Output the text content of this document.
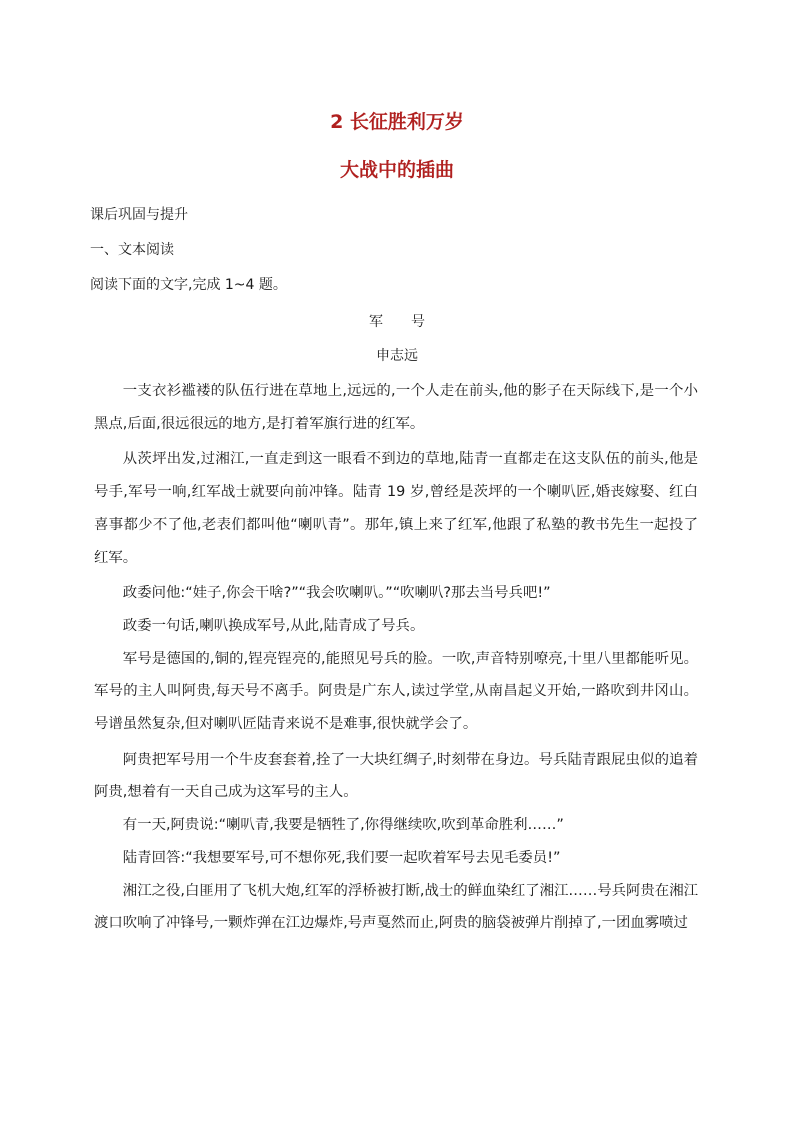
2 长征胜利万岁
大战中的插曲
课后巩固与提升
一、文本阅读
阅读下面的文字,完成 1~4 题。
军　　号
申志远

一支衣衫褴褛的队伍行进在草地上,远远的,一个人走在前头,他的影子在天际线下,是一个小黑点,后面,很远很远的地方,是打着军旗行进的红军。

从茨坪出发,过湘江,一直走到这一眼看不到边的草地,陆青一直都走在这支队伍的前头,他是号手,军号一响,红军战士就要向前冲锋。陆青 19 岁,曾经是茨坪的一个喇叭匠,婚丧嫁娶、红白喜事都少不了他,老表们都叫他“喇叭青”。那年,镇上来了红军,他跟了私塾的教书先生一起投了红军。

政委问他:“娃子,你会干啥?”“我会吹喇叭。”“吹喇叭?那去当号兵吧!”

政委一句话,喇叭换成军号,从此,陆青成了号兵。

军号是德国的,铜的,锃亮锃亮的,能照见号兵的脸。一吹,声音特别嘹亮,十里八里都能听见。军号的主人叫阿贵,每天号不离手。阿贵是广东人,读过学堂,从南昌起义开始,一路吹到井冈山。号谱虽然复杂,但对喇叭匠陆青来说不是难事,很快就学会了。

阿贵把军号用一个牛皮套套着,拴了一大块红绸子,时刻带在身边。号兵陆青跟屁虫似的追着阿贵,想着有一天自己成为这军号的主人。

有一天,阿贵说:“喇叭青,我要是牺牲了,你得继续吹,吹到革命胜利……”

陆青回答:“我想要军号,可不想你死,我们要一起吹着军号去见毛委员!”

湘江之役,白匪用了飞机大炮,红军的浮桥被打断,战士的鲜血染红了湘江……号兵阿贵在湘江渡口吹响了冲锋号,一颗炸弹在江边爆炸,号声戛然而止,阿贵的脑袋被弹片削掉了,一团血雾喷过
